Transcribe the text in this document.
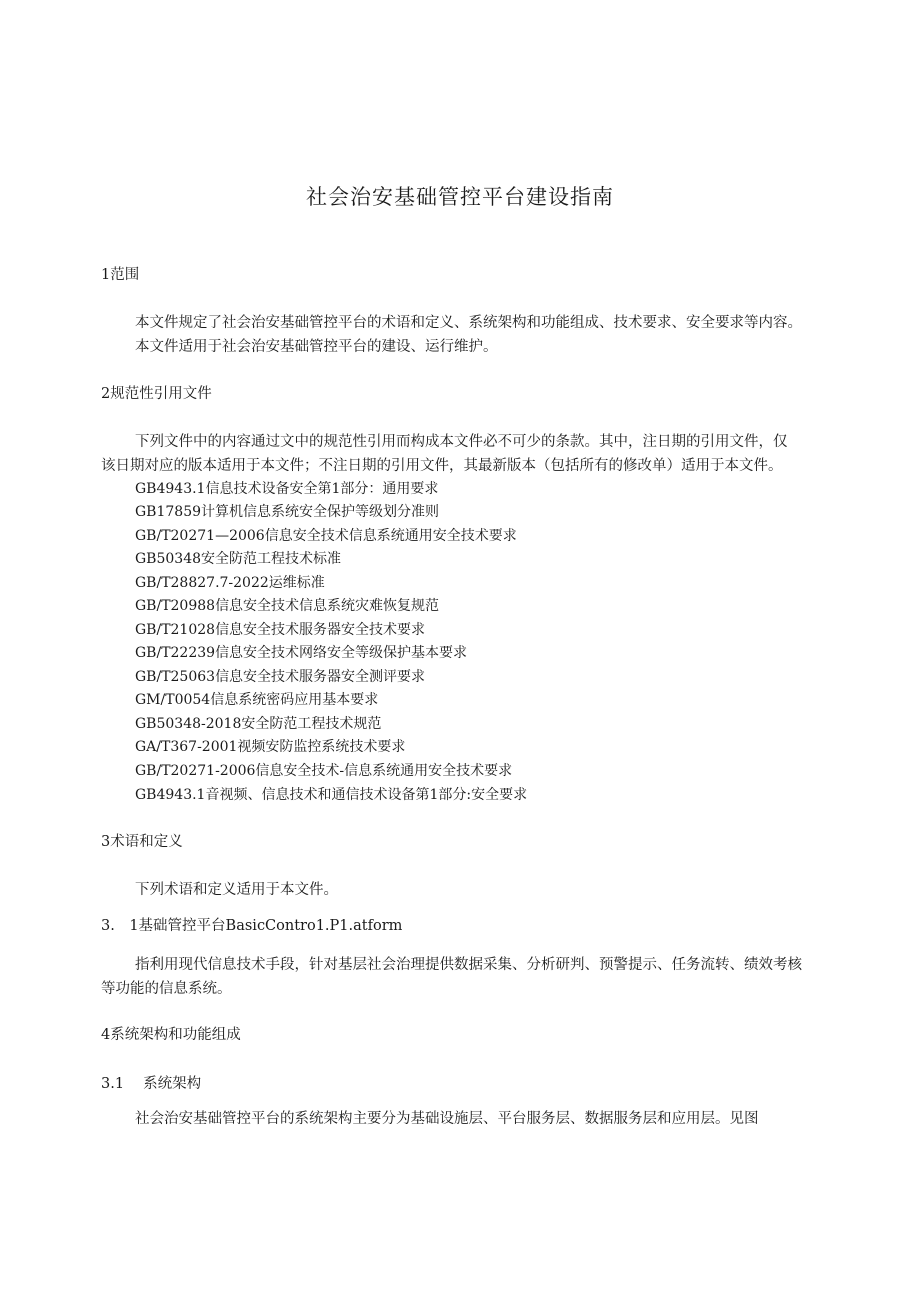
社会治安基础管控平台建设指南
1范围
本文件规定了社会治安基础管控平台的术语和定义、系统架构和功能组成、技术要求、安全要求等内容。
本文件适用于社会治安基础管控平台的建设、运行维护。
2规范性引用文件
下列文件中的内容通过文中的规范性引用而构成本文件必不可少的条款。其中，注日期的引用文件，仅
该日期对应的版本适用于本文件；不注日期的引用文件，其最新版本（包括所有的修改单）适用于本文件。
GB4943.1信息技术设备安全第1部分：通用要求
GB17859计算机信息系统安全保护等级划分准则
GB/T20271—2006信息安全技术信息系统通用安全技术要求
GB50348安全防范工程技术标准
GB/T28827.7-2022运维标准
GB/T20988信息安全技术信息系统灾难恢复规范
GB/T21028信息安全技术服务器安全技术要求
GB/T22239信息安全技术网络安全等级保护基本要求
GB/T25063信息安全技术服务器安全测评要求
GM/T0054信息系统密码应用基本要求
GB50348-2018安全防范工程技术规范
GA/T367-2001视频安防监控系统技术要求
GB/T20271-2006信息安全技术-信息系统通用安全技术要求
GB4943.1音视频、信息技术和通信技术设备第1部分:安全要求
3术语和定义
下列术语和定义适用于本文件。
3.　1基础管控平台BasicContro1.P1.atform
指利用现代信息技术手段，针对基层社会治理提供数据采集、分析研判、预警提示、任务流转、绩效考核
等功能的信息系统。
4系统架构和功能组成
3.1　 系统架构
社会治安基础管控平台的系统架构主要分为基础设施层、平台服务层、数据服务层和应用层。见图
